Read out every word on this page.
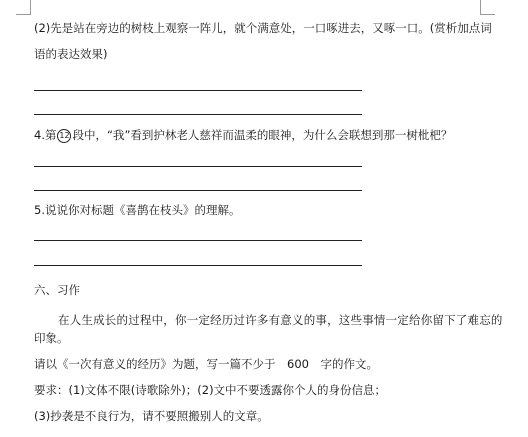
(2)先是站在旁边的树枝上观察一阵儿，就个满意处，一口啄进去，又啄一口。(赏析加点词
语的表达效果)
4.第 12 段中，“我”看到护林老人慈祥而温柔的眼神，为什么会联想到那一树枇杷？
5.说说你对标题《喜鹊在枝头》的理解。
六、习作
在人生成长的过程中，你一定经历过许多有意义的事，这些事情一定给你留下了难忘的
印象。
请以《一次有意义的经历》为题，写一篇不少于　600　字的作文。
要求：(1)文体不限(诗歌除外)；(2)文中不要透露你个人的身份信息；
(3)抄袭是不良行为，请不要照搬别人的文章。
